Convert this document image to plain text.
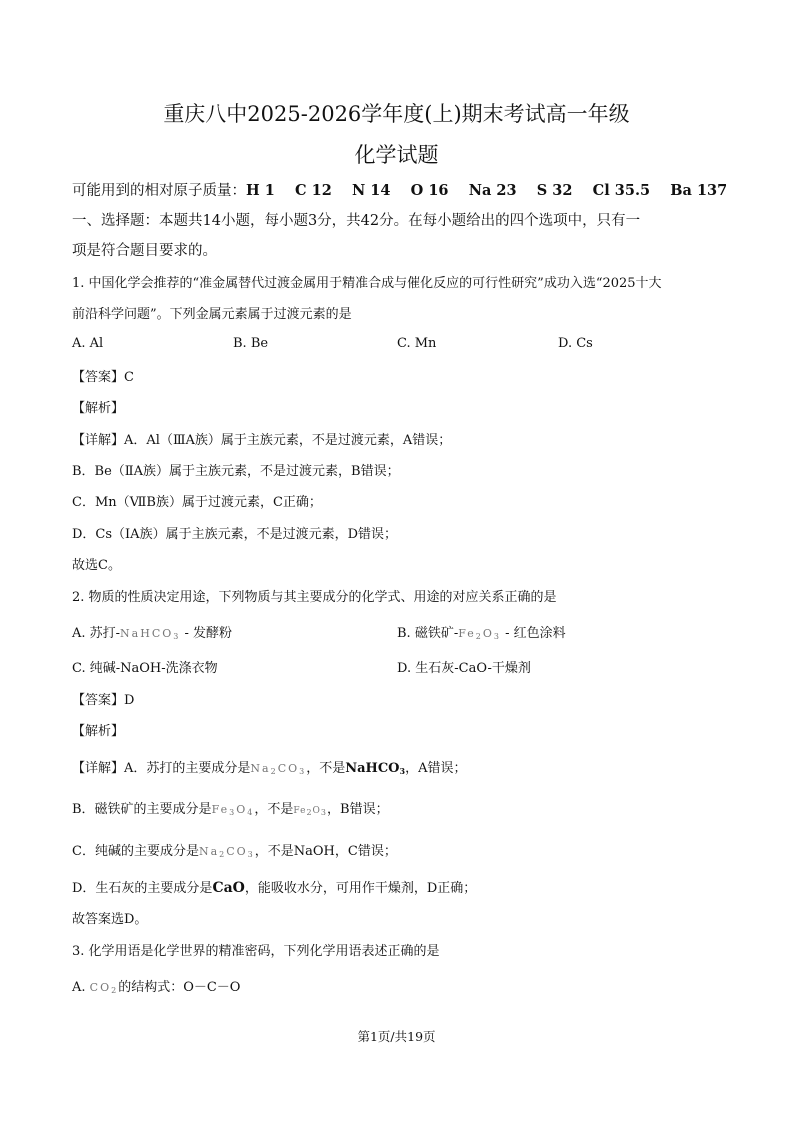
重庆八中2025-2026学年度(上)期末考试高一年级
化学试题
可能用到的相对原子质量：H 1    C 12    N 14    O 16    Na 23    S 32    Cl 35.5    Ba 137
一、选择题：本题共14小题，每小题3分，共42分。在每小题给出的四个选项中，只有一
项是符合题目要求的。
1. 中国化学会推荐的“准金属替代过渡金属用于精准合成与催化反应的可行性研究”成功入选“2025十大
前沿科学问题”。下列金属元素属于过渡元素的是
A. Al	B. Be	C. Mn	D. Cs
【答案】C
【解析】
【详解】A．Al（ⅢA族）属于主族元素，不是过渡元素，A错误；
B．Be（ⅡA族）属于主族元素，不是过渡元素，B错误；
C．Mn（ⅦB族）属于过渡元素，C正确；
D．Cs（ⅠA族）属于主族元素，不是过渡元素，D错误；
故选C。
2. 物质的性质决定用途，下列物质与其主要成分的化学式、用途的对应关系正确的是
A. 苏打-NaHCO$_3$ - 发酵粉	B. 磁铁矿$-Fe_2O_3$ - 红色涂料
C. 纯碱-NaOH-洗涤衣物	D. 生石灰-CaO-干燥剂
【答案】D
【解析】
【详解】A．苏打的主要成分是$Na_2CO_3$，不是NaHCO$_3$，A错误；
B．磁铁矿的主要成分是$Fe_3O_4$，不是$Fe_2O_3$，B错误；
C．纯碱的主要成分是$Na_2CO_3$，不是NaOH，C错误；
D．生石灰的主要成分是CaO，能吸收水分，可用作干燥剂，D正确；
故答案选D。
3. 化学用语是化学世界的精准密码，下列化学用语表述正确的是
A. $CO_2$的结构式：O－C－O
第1页/共19页
